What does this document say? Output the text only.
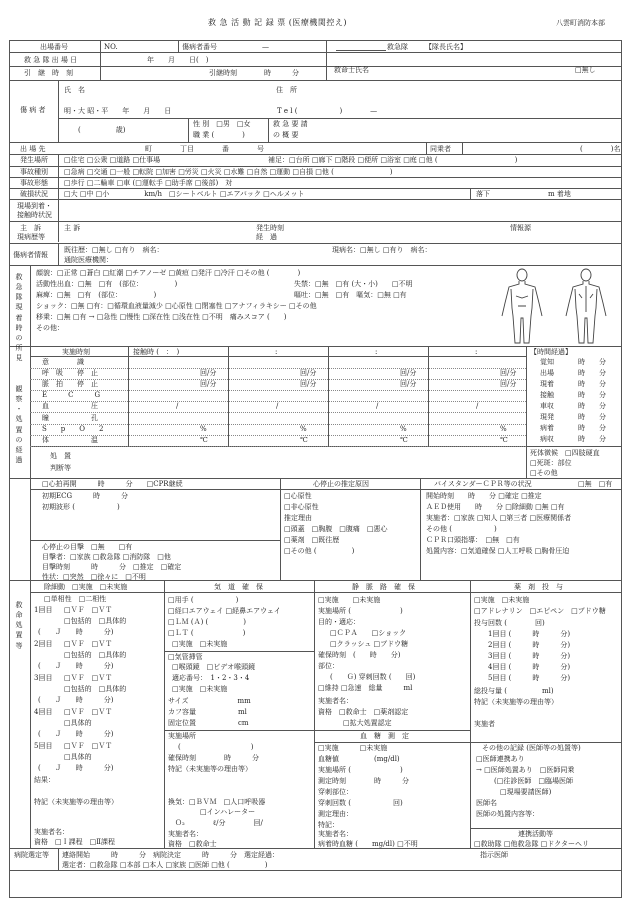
救 急 活 動 記 録 票 (医療機関控え)	八雲町消防本部
出場番号	NO.	傷病者番号	—	救急隊 【隊長氏名】
救 急 隊 出 場 日	年　　月　　日(　)
引　継　時　刻	引継時刻	時　　　分	救命士氏名	□無し
傷 病 者
氏　名	住　所
明・大 昭・平　　年　　月　　日	T e l (　　　　　　)　　　　—
(　　　　　歳)
性 別　□男　□女
職 業 (　　　　)
救 急 要 請
の 概 要
出 場 先	町　　　　丁目　　　　番　　　　号	同乗者	(　　　　)名
発生場所 □住宅 □公衆 □道路 □仕事場	補足：□台所 □廊下 □階段 □便所 □浴室 □庭 □他 (　　　　　　　　　　　)
事故種別 □急病 □交通 □一般 □転院 □加害 □労災 □火災 □水難 □自然 □運動 □自損 □他 (　　　　　　　　)
事故形態 □歩行 □二輪車 □車 (□運転手 □助手席 □後部)　対
破損状況 □大 □中 □小　　　　　km/h　□シートベルト □エアバック □ヘルメット	落下	m 着地
現場到着・
接触時状況
主　訴
現病歴等
主 訴	発生時刻
経　過
情報源
傷病者情報
既往歴：□無し □有り　病名：	現病名：□無し □有り　病名：
通院医療機関：
救 急 隊 現 着 時 の 所 見
顔貌：□正常 □蒼白 □紅潮 □チアノーゼ □黄疸 □発汗 □冷汗 □その他 (　　　　)
活動性出血：□無　□有　(部位：　　　　　)	失禁：□無　□有 (大・小)　　□不明
麻痺：□無　□有　(部位：　　　　　)	嘔吐：□無　□有　嘔気：□無 □有
ショック：□無 □有：□循環血液量減少 □心原性 □閉塞性 □アナフィラキシー □その他
移乗：□無 □有 → □急性 □慢性 □深在性 □浅在性 □不明　痛みスコア (　　)
その他：
観 察 ・ 処 置 の 経 過
実施時刻	接触時 (　：　)	:	:	:
意　　　　識
呼　吸　　停　止	回/分	回/分	回/分	回/分
脈　拍　　停　止	回/分	回/分	回/分	回/分
E　　　C　　　G
血　　　　　　圧	/	/	/	/
瞳　　　　　　孔
S　　p　　O　　2	%	%	%	%
体　　　　　　温	℃	℃	℃	℃
処　置
判断等
【時間経過】
覚知	時　　分
出場	時　　分
現着	時　　分
接触	時　　分
車収	時　　分
現発	時　　分
病着	時　　分
病収	時　　分
死体徴候　□四肢硬直
□死斑：部位
□その他
□心拍再開　　　時　　　分　　□CPR継続
初期ECG　　　時　　　分
初期波形 (　　　　　　)
心停止の目撃　□無　　□有
目撃者：□家族 □救急隊 □消防隊　□他
目撃時刻　　　時　　　分　□推定　□確定
性状：□突然　□徐々に　□不明
心停止の推定原因
□心原性
□非心原性
推定理由
□頭蓋　□胸腹　□腹痛　□悪心
□薬剤　□既往歴
□その他 (　　　　　)
バイスタンダーＣＰＲ等の状況	□無　□有
開始時刻　　時　　分 □確定 □推定
ＡＥＤ使用　　時　　分 □除細動 □無 □有
実施者：□家族 □知人 □第三者 □医療関係者
その他 (　　　　　　)
ＣＰＲ口頭指導：　□無　□有
処置内容：□気道確保 □人工呼吸 □胸骨圧迫
救 命 処 置 等
除細動　□実施　□未実施
□単相性　□二相性
1回目 □ＶＦ　□ＶＴ
□包括的　□具体的
(　　Ｊ　　時　　　分)
2回目 □ＶＦ　□ＶＴ
□包括的　□具体的
(　　Ｊ　　時　　　分)
3回目 □ＶＦ　□ＶＴ
□包括的　□具体的
(　　Ｊ　　時　　　分)
4回目 □ＶＦ　□ＶＴ
□具体的
(　　Ｊ　　時　　　分)
5回目 □ＶＦ　□ＶＴ
□具体的
(　　Ｊ　　時　　　分)
結果：
特記（未実施等の理由等）
実施者名：
資格　□Ｉ課程　□Ⅱ課程
気　道　確　保
□用手 (　　　　　　)
□経口エアウェイ □経鼻エアウェイ
□ＬＭ (Ａ) (　　　　　)
□ＬＴ (　　　　　　　)
□実施　□未実施
□気管挿管
□喉頭鏡　□ビデオ喉頭鏡
適応番号：　1・2・3・4
□実施　□未実施
サイズ　　　　　　　mm
カフ容量　　　　　　ml
固定位置　　　　　　cm
実施場所
(　　　　　　　　　　)
確保時刻　　　　時　　　分
特記（未実施等の理由等）
換気：□ＢＶＭ　□人口呼吸器
□インハレーター
Ｏ₂　　　　ℓ/分　　　　回/
実施者名：
資格　□救命士
静　脈　路　確　保
□実施　　□未実施
実施場所 (　　　　　　　)
目的・適応：
□ＣＰＡ　　□ショック
□クラッシュ □ブドウ糖
確保時刻　(　　時　　分)
部位：
(　　Ｇ) 穿刺回数 (　　回)
□維持 □急速　総量　　　ml
実施者名：
資格　□救命士　□薬剤認定
□拡大処置認定
血　糖　測　定
□実施　　　□未実施
血糖値　　　　　(mg/dl)
実施場所 (　　　　　　　)
測定時刻　　　　時　　　分
穿刺部位：
穿刺回数 (　　　　　　回)
測定理由：
特記：
実施者名：
病着時血糖 (　　mg/dl) □不明
薬　剤　投　与
□実施　□未実施
□アドレナリン　□エピペン　□ブドウ糖
投与回数 (　　　　回)
1回目 (　　　時　　　分)
2回目 (　　　時　　　分)
3回目 (　　　時　　　分)
4回目 (　　　時　　　分)
5回目 (　　　時　　　分)
総投与量 (　　　　　ml)
特記（未実施等の理由等）
実施者
その他の記録 (医師等の処置等)
□医師連携あり
→ □医師処置あり　□医師同乗
(□往診医師　□臨場医師
□現場要請医師)
医師名
医師の処置内容等：
連携活動等
□救助隊 □他救急隊 □ドクターヘリ
病院選定等 連絡開始　　　時　　　分　病院決定　　　時　　　分　選定経過：
選定者：□救急隊 □本部 □本人 □家族 □医師 □他 (　　　　　)
指示医師
